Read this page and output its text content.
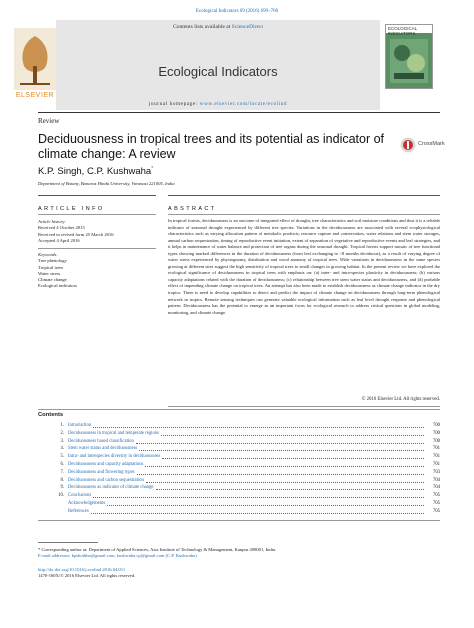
Ecological Indicators 69 (2016) 699–706
ELSEVIER
Contents lists available at ScienceDirect
Ecological Indicators
journal homepage: www.elsevier.com/locate/ecolind
ECOLOGICAL INDICATORS
Review
Deciduousness in tropical trees and its potential as indicator of climate change: A review
CrossMark
K.P. Singh, C.P. Kushwaha*
Department of Botany, Banaras Hindu University, Varanasi 221005, India
ARTICLE INFO
Article history:
Received 4 October 2015
Received in revised form 25 March 2016
Accepted 4 April 2016
Keywords:
Tree phenology
Tropical trees
Water stress
Climate change
Ecological indicators
ABSTRACT
In tropical forests, deciduousness is an outcome of integrated effect of drought, tree characteristics and soil moisture conditions and thus it is a reliable indicator of seasonal drought experienced by different tree species. Variations in the deciduousness are associated with several ecophysiological characteristics such as varying allocation pattern of metabolic products, resource capture and conservation, water relations and stem water storages, annual carbon sequestration, timing of reproductive event initiation, extent of separation of vegetative and reproductive events and leaf strategies, and it helps in maintenance of water balance and protection of tree organs during the seasonal drought. Tropical forests support mosaic of tree functional types showing marked differences in the duration of deciduousness (from leaf exchanging to >8 months deciduous), as a result of varying degree of water stress experienced by physiognomy, distribution and wood anatomy of tropical trees. Wide variations in deciduousness in the same species growing at different sites suggest the high sensitivity of tropical trees to small changes in growing habitat. In the present review we have explored the ecological significance of deciduousness in tropical trees with emphasis on: (a) inter- and intra-species plasticity in deciduousness; (b) various capacity adaptations related with the duration of deciduousness; (c) relationship between tree stem water status and deciduousness, and (d) probable effect of impending climate change on tropical trees. An attempt has also been made to establish deciduousness as climate change indicator in the dry tropics. There is need to develop capabilities to detect and predict the impact of climate change on deciduousness through long-term phenological network in tropics. Remote sensing techniques can generate valuable ecological information such as leaf level drought response and phenological pattern. Deciduousness has the potential to emerge as an important focus for ecological research to address critical questions in global modeling, monitoring, and climate change.
© 2016 Elsevier Ltd. All rights reserved.
Contents
1. Introduction	700
2. Deciduousness in tropical and temperate regions	700
3. Deciduousness based classification	700
4. Stem water status and deciduousness	701
5. Intra- and interspecies diversity in deciduousness	701
6. Deciduousness and capacity adaptations	701
7. Deciduousness and flowering types	703
8. Deciduousness and carbon sequestration	704
9. Deciduousness as indicator of climate change	704
10. Conclusions	705
Acknowledgements	705
References	705
* Corresponding author at: Department of Applied Sciences, Asia Institute of Technology & Management, Kanpur 208001, India.
E-mail addresses: kpsbotbhu@gmail.com, kushwaha.cp@gmail.com (C.P. Kushwaha).
http://dx.doi.org/10.1016/j.ecolind.2016.04.011
1470-160X/© 2016 Elsevier Ltd. All rights reserved.
